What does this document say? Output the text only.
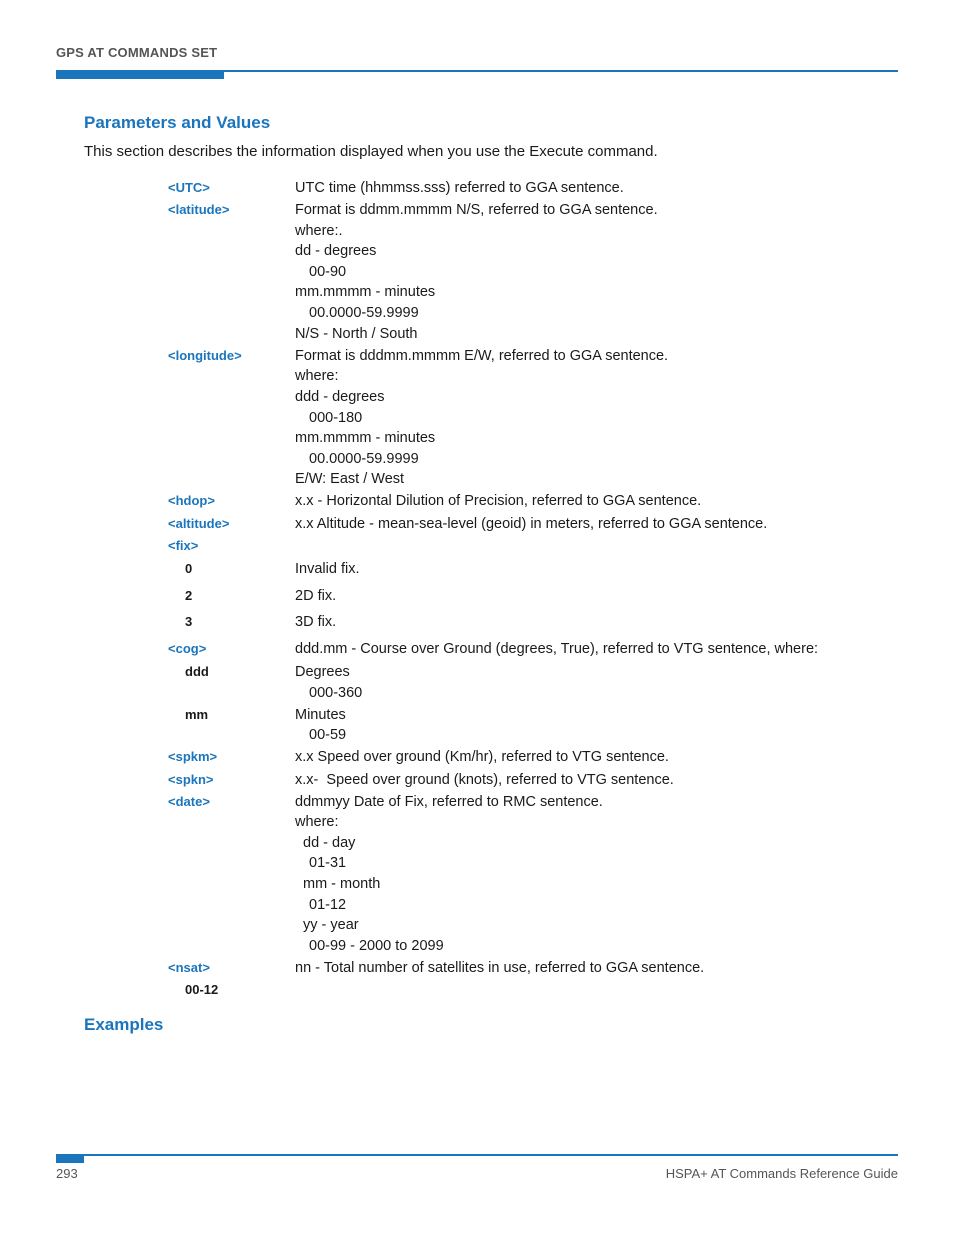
GPS AT COMMANDS SET
Parameters and Values
This section describes the information displayed when you use the Execute command.
<UTC>	UTC time (hhmmss.sss) referred to GGA sentence.
<latitude>	Format is ddmm.mmmm N/S, referred to GGA sentence.
where:.
dd - degrees
00-90
mm.mmmm - minutes
00.0000-59.9999
N/S - North / South
<longitude>	Format is dddmm.mmmm E/W, referred to GGA sentence.
where:
ddd - degrees
000-180
mm.mmmm - minutes
00.0000-59.9999
E/W: East / West
<hdop>	x.x - Horizontal Dilution of Precision, referred to GGA sentence.
<altitude>	x.x Altitude - mean-sea-level (geoid) in meters, referred to GGA sentence.
<fix>
0	Invalid fix.
2	2D fix.
3	3D fix.
<cog>	ddd.mm - Course over Ground (degrees, True), referred to VTG sentence, where:
ddd	Degrees
000-360
mm	Minutes
00-59
<spkm>	x.x Speed over ground (Km/hr), referred to VTG sentence.
<spkn>	x.x-  Speed over ground (knots), referred to VTG sentence.
<date>	ddmmyy Date of Fix, referred to RMC sentence.
where:
dd - day
01-31
mm - month
01-12
yy - year
00-99 - 2000 to 2099
<nsat>	nn - Total number of satellites in use, referred to GGA sentence.
00-12
Examples
293	HSPA+ AT Commands Reference Guide
